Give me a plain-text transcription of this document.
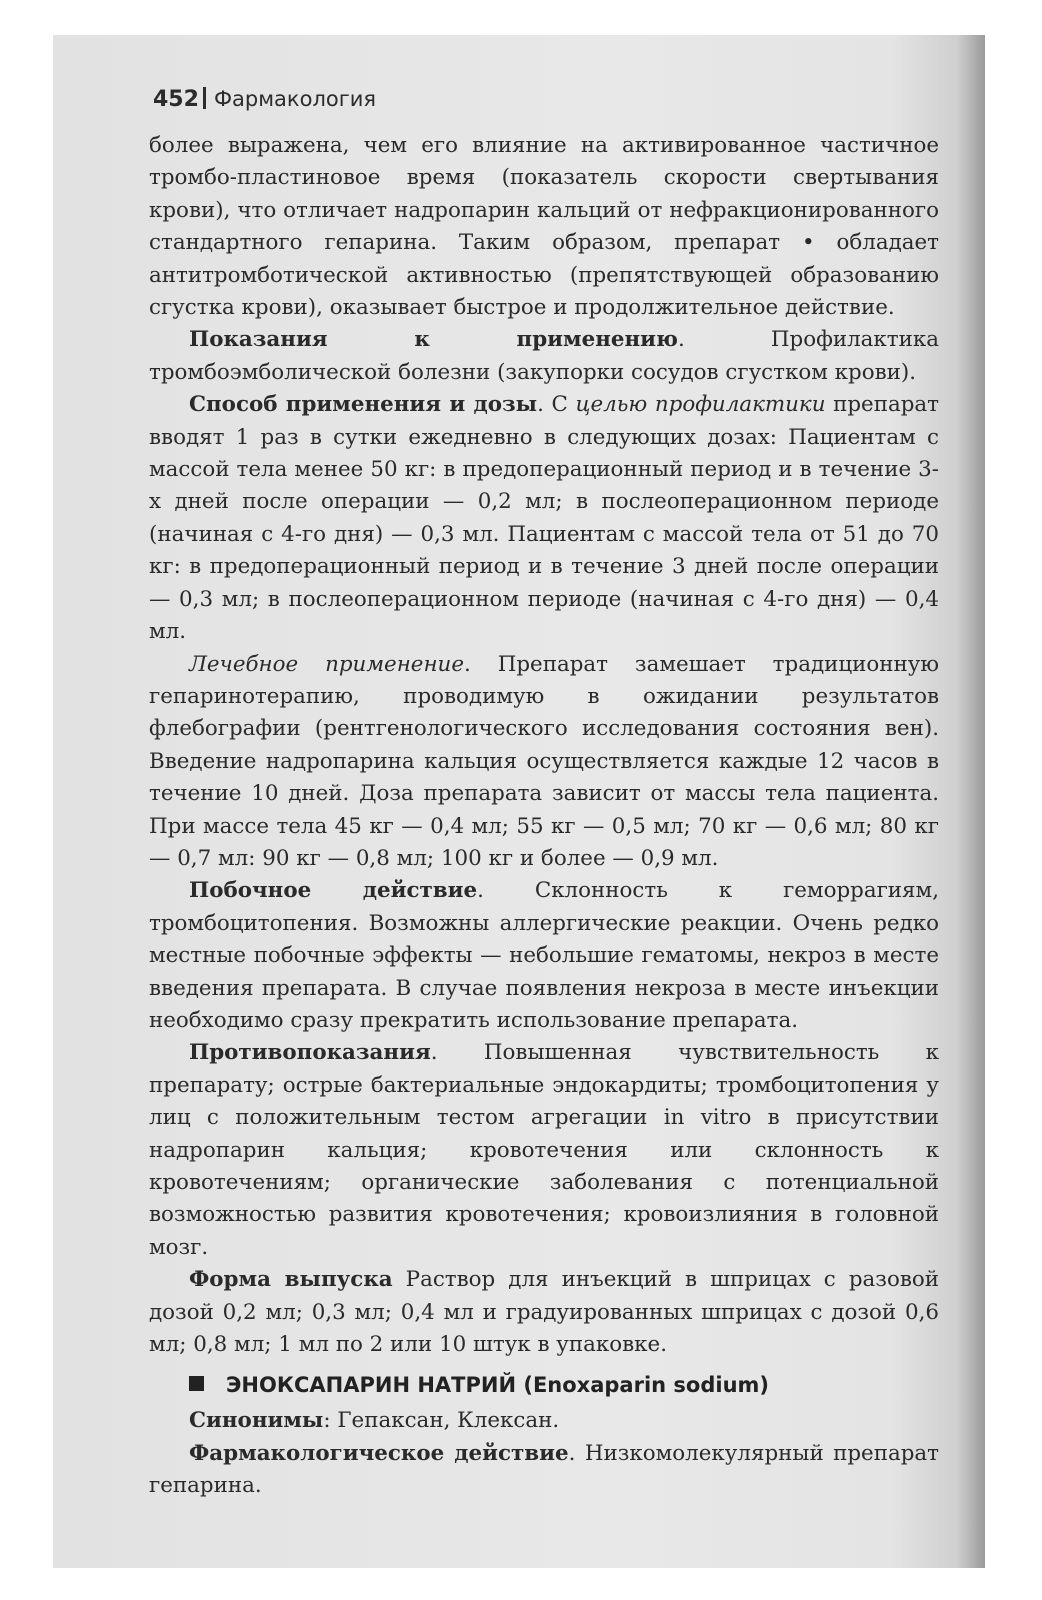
452 Фармакология

более выражена, чем его влияние на активированное частичное тромбо-пластиновое время (показатель скорости свертывания крови), что отличает надропарин кальций от нефракционированного стандартного гепарина. Таким образом, препарат • обладает антитромботической активностью (препятствующей образованию сгустка крови), оказывает быстрое и продолжительное действие.

Показания к применению. Профилактика тромбоэмболической болезни (закупорки сосудов сгустком крови).

Способ применения и дозы. С целью профилактики препарат вводят 1 раз в сутки ежедневно в следующих дозах: Пациентам с массой тела менее 50 кг: в предоперационный период и в течение 3-х дней после операции — 0,2 мл; в послеоперационном периоде (начиная с 4-го дня) — 0,3 мл. Пациентам с массой тела от 51 до 70 кг: в предоперационный период и в течение 3 дней после операции — 0,3 мл; в послеоперационном периоде (начиная с 4-го дня) — 0,4 мл.

Лечебное применение. Препарат замешает традиционную гепаринотерапию, проводимую в ожидании результатов флебографии (рентгенологического исследования состояния вен). Введение надропарина кальция осуществляется каждые 12 часов в течение 10 дней. Доза препарата зависит от массы тела пациента. При массе тела 45 кг — 0,4 мл; 55 кг — 0,5 мл; 70 кг — 0,6 мл; 80 кг — 0,7 мл: 90 кг — 0,8 мл; 100 кг и более — 0,9 мл.

Побочное действие. Склонность к геморрагиям, тромбоцитопения. Возможны аллергические реакции. Очень редко местные побочные эффекты — небольшие гематомы, некроз в месте введения препарата. В случае появления некроза в месте инъекции необходимо сразу прекратить использование препарата.

Противопоказания. Повышенная чувствительность к препарату; острые бактериальные эндокардиты; тромбоцитопения у лиц с положительным тестом агрегации in vitro в присутствии надропарин кальция; кровотечения или склонность к кровотечениям; органические заболевания с потенциальной возможностью развития кровотечения; кровоизлияния в головной мозг.

Форма выпуска Раствор для инъекций в шприцах с разовой дозой 0,2 мл; 0,3 мл; 0,4 мл и градуированных шприцах с дозой 0,6 мл; 0,8 мл; 1 мл по 2 или 10 штук в упаковке.

ЭНОКСАПАРИН НАТРИЙ (Enoxaparin sodium)

Синонимы: Гепаксан, Клексан.

Фармакологическое действие. Низкомолекулярный препарат гепарина.
